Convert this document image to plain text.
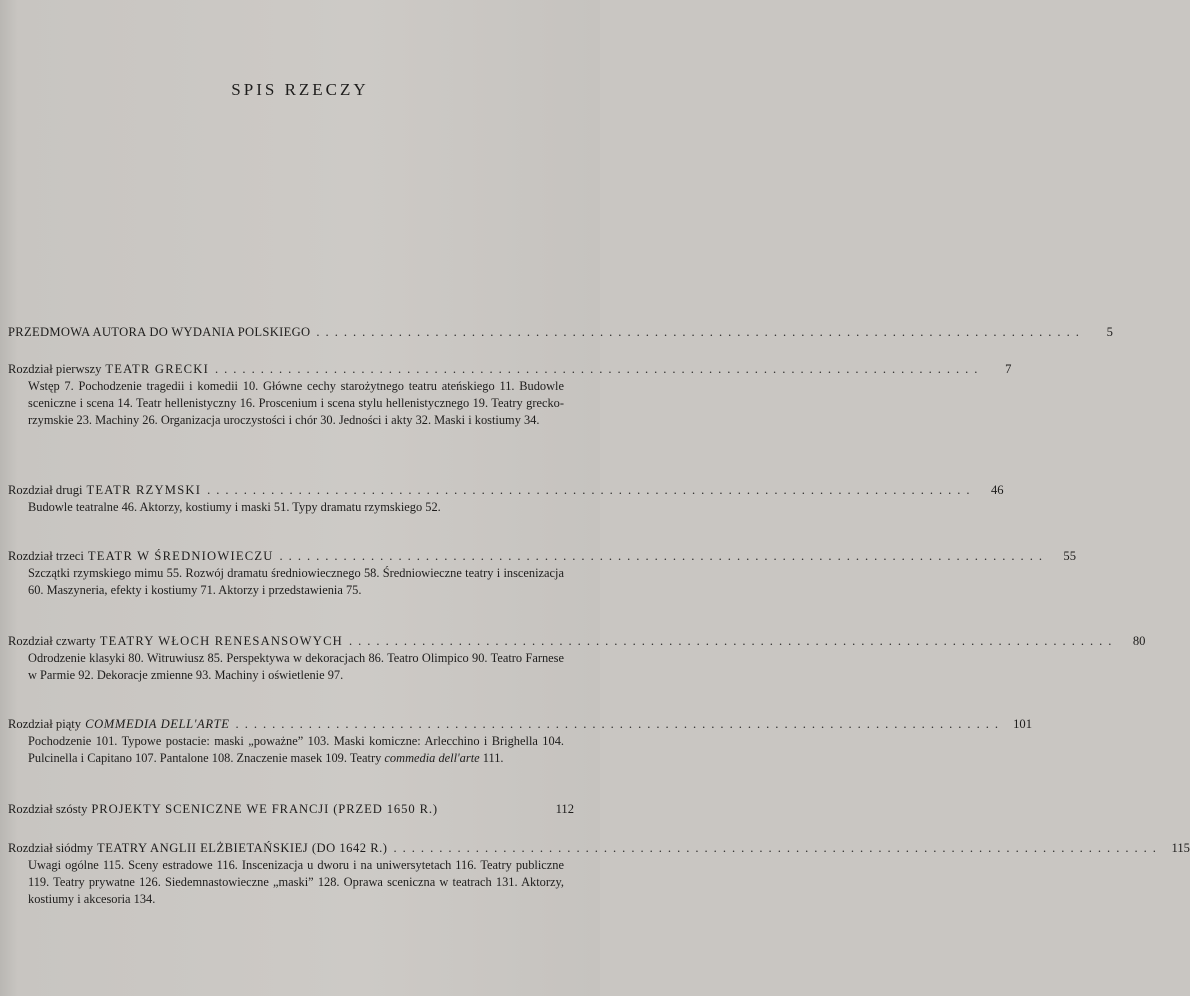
SPIS RZECZY
PRZEDMOWA AUTORA DO WYDANIA POLSKIEGO ....................................................................................	5
Rozdział pierwszy TEATR GRECKI ....................................................................................	7
Wstęp 7. Pochodzenie tragedii i komedii 10. Główne cechy starożytnego teatru ateńskiego 11. Budowle sceniczne i scena 14. Teatr hellenistyczny 16. Proscenium i scena stylu hellenistycznego 19. Teatry grecko-rzymskie 23. Machiny 26. Organizacja uroczystości i chór 30. Jedności i akty 32. Maski i kostiumy 34.
Rozdział drugi TEATR RZYMSKI ....................................................................................	46
Budowle teatralne 46. Aktorzy, kostiumy i maski 51. Typy dramatu rzymskiego 52.
Rozdział trzeci TEATR W ŚREDNIOWIECZU ....................................................................................	55
Szczątki rzymskiego mimu 55. Rozwój dramatu średniowiecznego 58. Średniowieczne teatry i inscenizacja 60. Maszyneria, efekty i kostiumy 71. Aktorzy i przedstawienia 75.
Rozdział czwarty TEATRY WŁOCH RENESANSOWYCH ....................................................................................	80
Odrodzenie klasyki 80. Witruwiusz 85. Perspektywa w dekoracjach 86. Teatro Olimpico 90. Teatro Farnese w Parmie 92. Dekoracje zmienne 93. Machiny i oświetlenie 97.
Rozdział piąty COMMEDIA DELL'ARTE .................................................................................... 101
Pochodzenie 101. Typowe postacie: maski „poważne” 103. Maski komiczne: Arlecchino i Brighella 104. Pulcinella i Capitano 107. Pantalone 108. Znaczenie masek 109. Teatry commedia dell'arte 111.
Rozdział szósty PROJEKTY SCENICZNE WE FRANCJI (PRZED 1650 R.)	112
Rozdział siódmy TEATRY ANGLII ELŻBIETAŃSKIEJ (DO 1642 R.) .................................................................................... 115
Uwagi ogólne 115. Sceny estradowe 116. Inscenizacja u dworu i na uniwersytetach 116. Teatry publiczne 119. Teatry prywatne 126. Siedemnastowieczne „maski” 128. Oprawa sceniczna w teatrach 131. Aktorzy, kostiumy i akcesoria 134.
